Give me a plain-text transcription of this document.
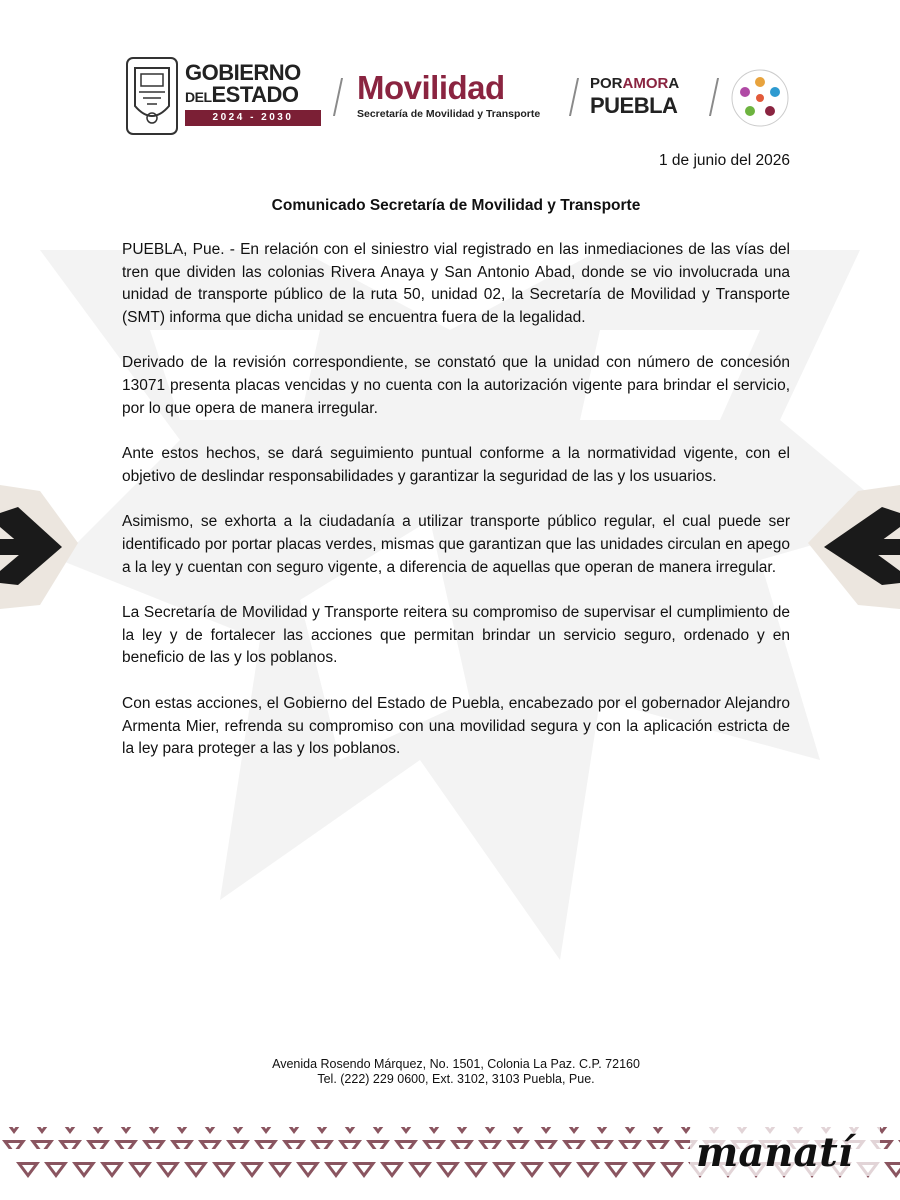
GOBIERNO
DELESTADO
2024 - 2030
Movilidad
Secretaría de Movilidad y Transporte
PORAMORA
PUEBLA
1 de junio del 2026
Comunicado Secretaría de Movilidad y Transporte

PUEBLA, Pue. - En relación con el siniestro vial registrado en las inmediaciones de las vías del tren que dividen las colonias Rivera Anaya y San Antonio Abad, donde se vio involucrada una unidad de transporte público de la ruta 50, unidad 02, la Secretaría de Movilidad y Transporte (SMT) informa que dicha unidad se encuentra fuera de la legalidad.

Derivado de la revisión correspondiente, se constató que la unidad con número de concesión 13071 presenta placas vencidas y no cuenta con la autorización vigente para brindar el servicio, por lo que opera de manera irregular.

Ante estos hechos, se dará seguimiento puntual conforme a la normatividad vigente, con el objetivo de deslindar responsabilidades y garantizar la seguridad de las y los usuarios.

Asimismo, se exhorta a la ciudadanía a utilizar transporte público regular, el cual puede ser identificado por portar placas verdes, mismas que garantizan que las unidades circulan en apego a la ley y cuentan con seguro vigente, a diferencia de aquellas que operan de manera irregular.

La Secretaría de Movilidad y Transporte reitera su compromiso de supervisar el cumplimiento de la ley y de fortalecer las acciones que permitan brindar un servicio seguro, ordenado y en beneficio de las y los poblanos.

Con estas acciones, el Gobierno del Estado de Puebla, encabezado por el gobernador Alejandro Armenta Mier, refrenda su compromiso con una movilidad segura y con la aplicación estricta de la ley para proteger a las y los poblanos.

Avenida Rosendo Márquez, No. 1501, Colonia La Paz. C.P. 72160
Tel. (222) 229 0600, Ext. 3102, 3103 Puebla, Pue.
manatí
